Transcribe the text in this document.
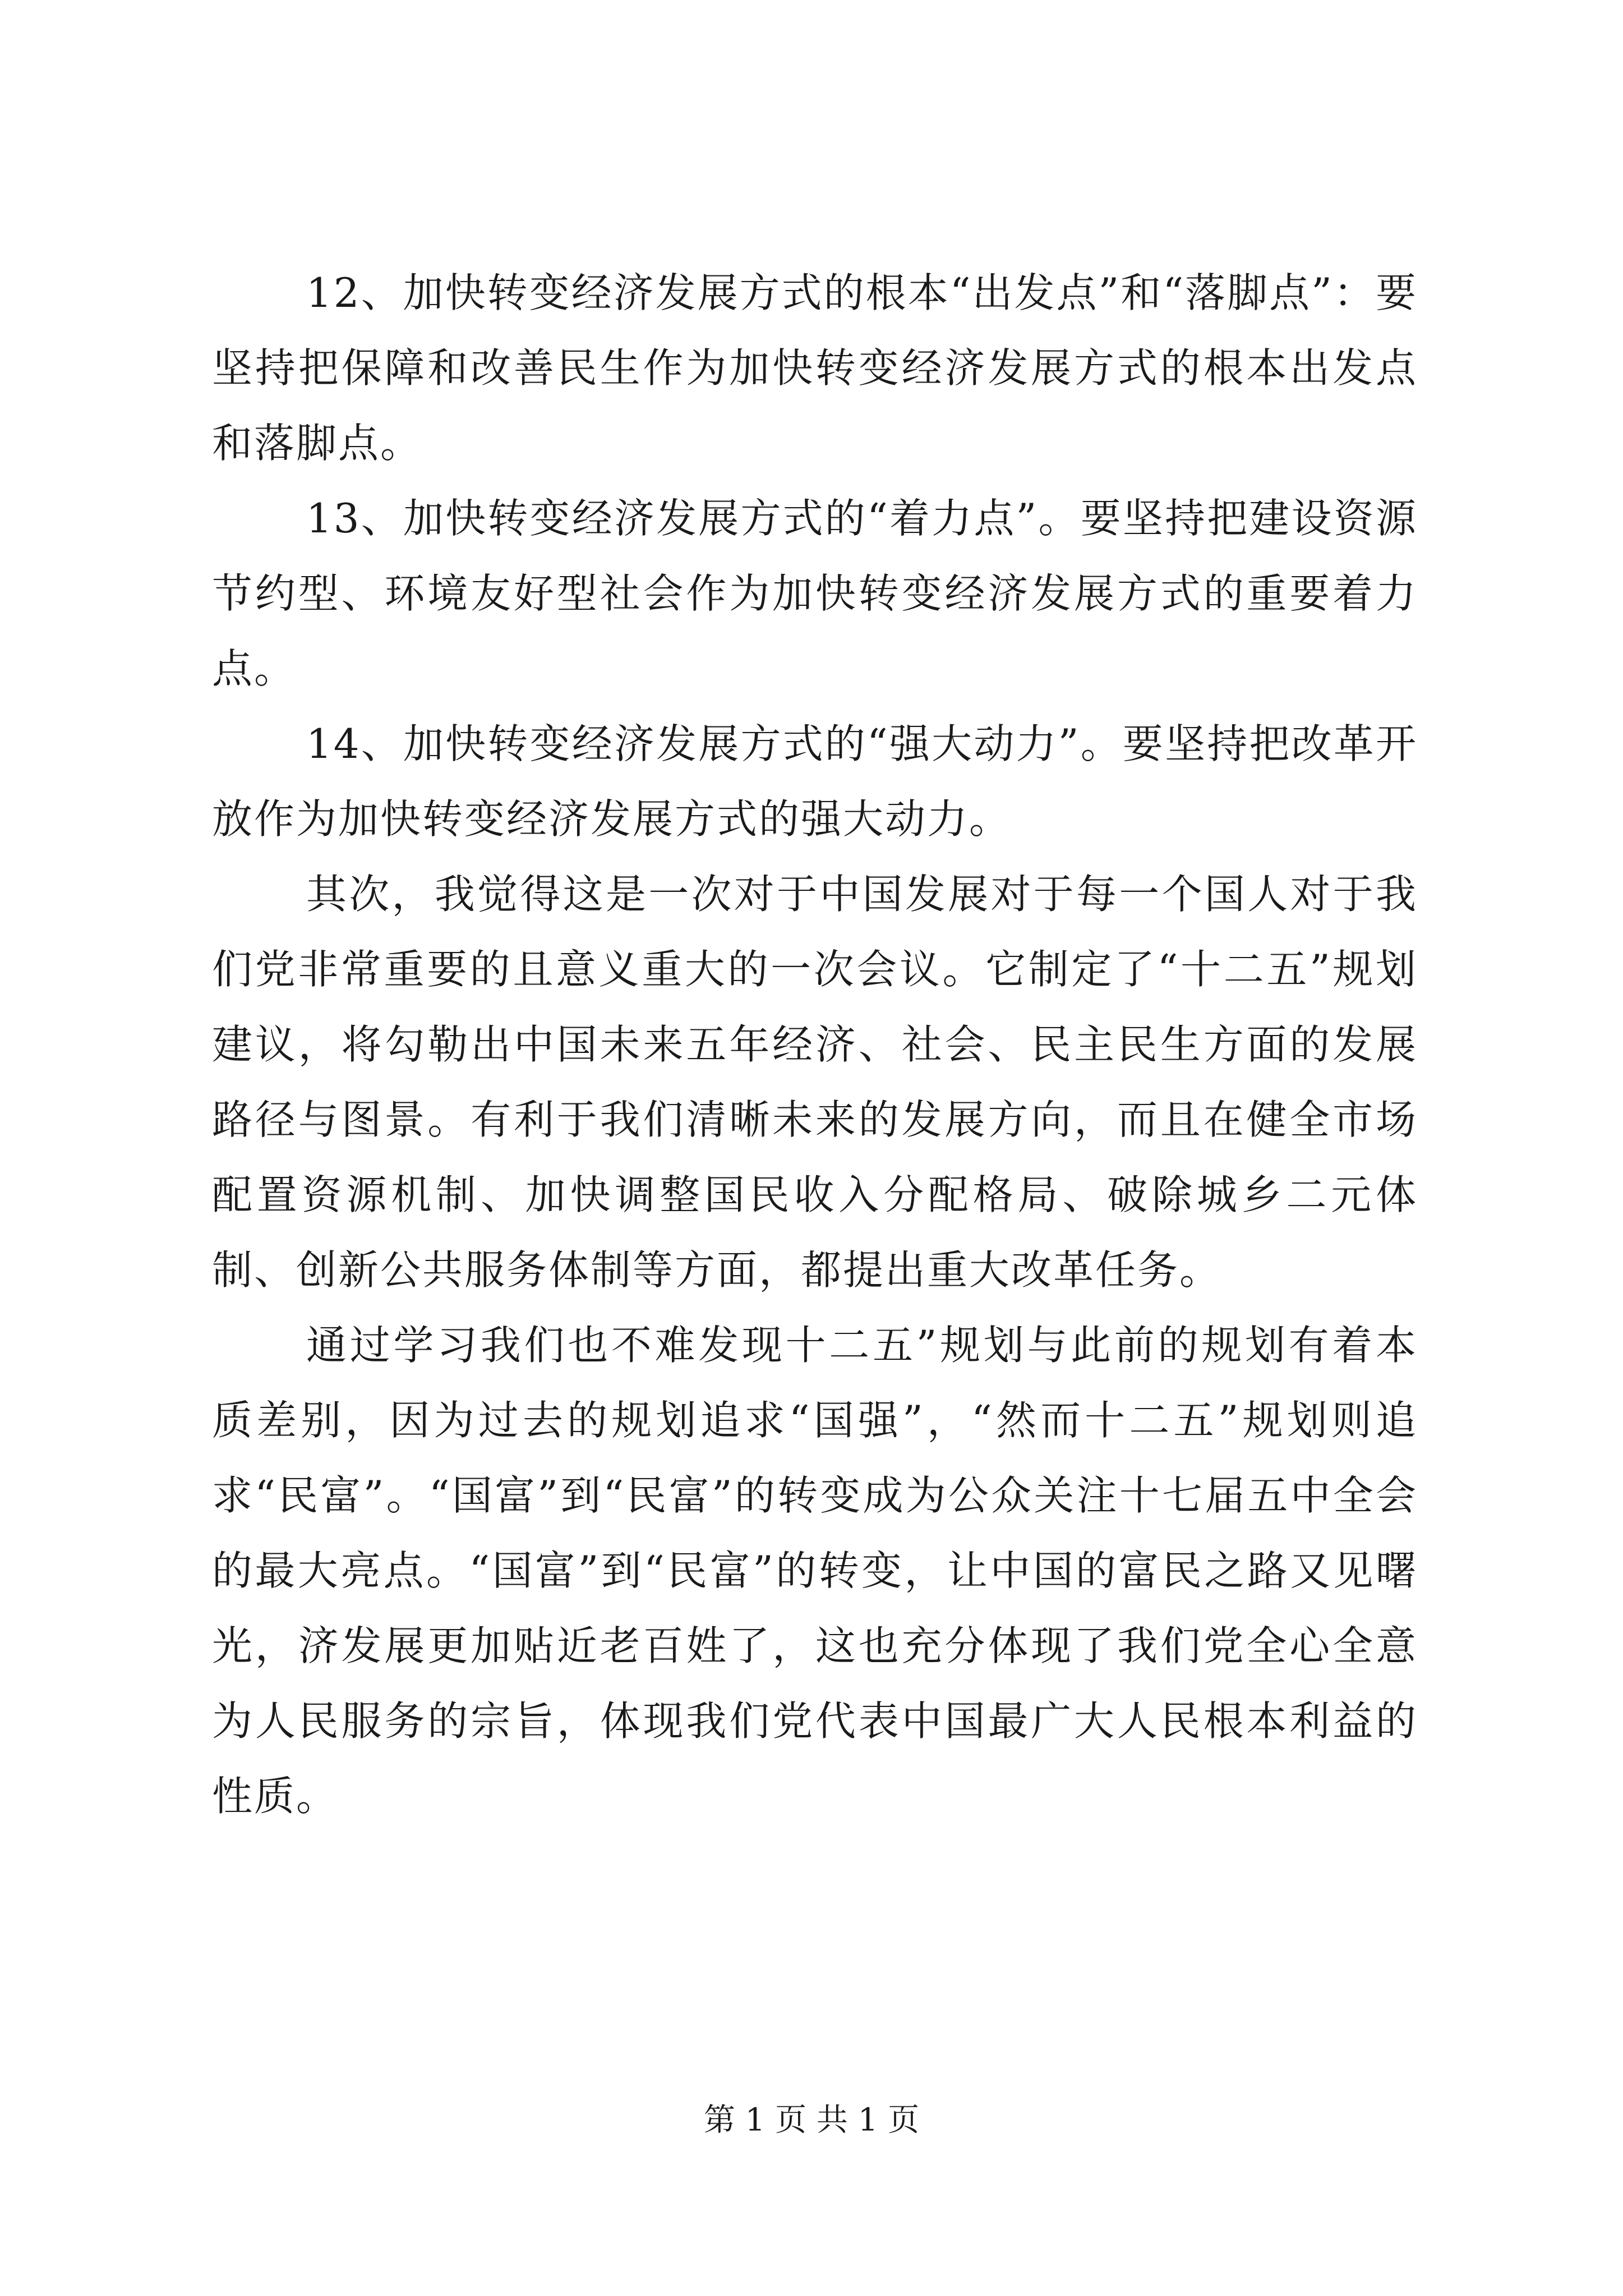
12、加快转变经济发展方式的根本“出发点”和“落脚点”：要坚持把保障和改善民生作为加快转变经济发展方式的根本出发点和落脚点。

13、加快转变经济发展方式的“着力点”。要坚持把建设资源节约型、环境友好型社会作为加快转变经济发展方式的重要着力点。

14、加快转变经济发展方式的“强大动力”。要坚持把改革开放作为加快转变经济发展方式的强大动力。

其次，我觉得这是一次对于中国发展对于每一个国人对于我们党非常重要的且意义重大的一次会议。它制定了“十二五”规划建议，将勾勒出中国未来五年经济、社会、民主民生方面的发展路径与图景。有利于我们清晰未来的发展方向，而且在健全市场配置资源机制、加快调整国民收入分配格局、破除城乡二元体制、创新公共服务体制等方面，都提出重大改革任务。

通过学习我们也不难发现十二五”规划与此前的规划有着本质差别，因为过去的规划追求“国强”，“然而十二五”规划则追求“民富”。“国富”到“民富”的转变成为公众关注十七届五中全会的最大亮点。“国富”到“民富”的转变，让中国的富民之路又见曙光，济发展更加贴近老百姓了，这也充分体现了我们党全心全意为人民服务的宗旨，体现我们党代表中国最广大人民根本利益的性质。

第 1 页 共 1 页
